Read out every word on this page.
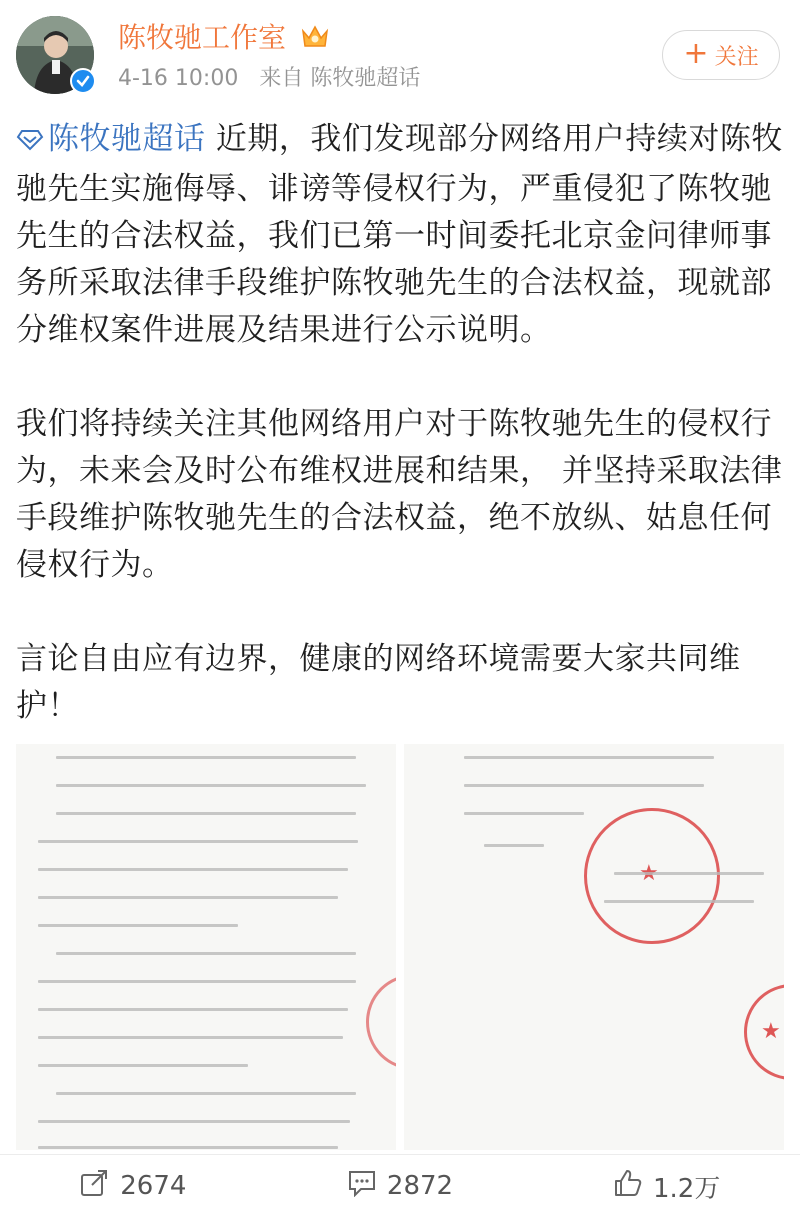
陈牧驰工作室
4-16 10:00 来自 陈牧驰超话
+ 关注

陈牧驰超话 近期，我们发现部分网络用户持续对陈牧驰先生实施侮辱、诽谤等侵权行为，严重侵犯了陈牧驰先生的合法权益，我们已第一时间委托北京金问律师事务所采取法律手段维护陈牧驰先生的合法权益，现就部分维权案件进展及结果进行公示说明。

我们将持续关注其他网络用户对于陈牧驰先生的侵权行为，未来会及时公布维权进展和结果， 并坚持采取法律手段维护陈牧驰先生的合法权益，绝不放纵、姑息任何侵权行为。

言论自由应有边界，健康的网络环境需要大家共同维护！

★
2674	2872	1.2万
